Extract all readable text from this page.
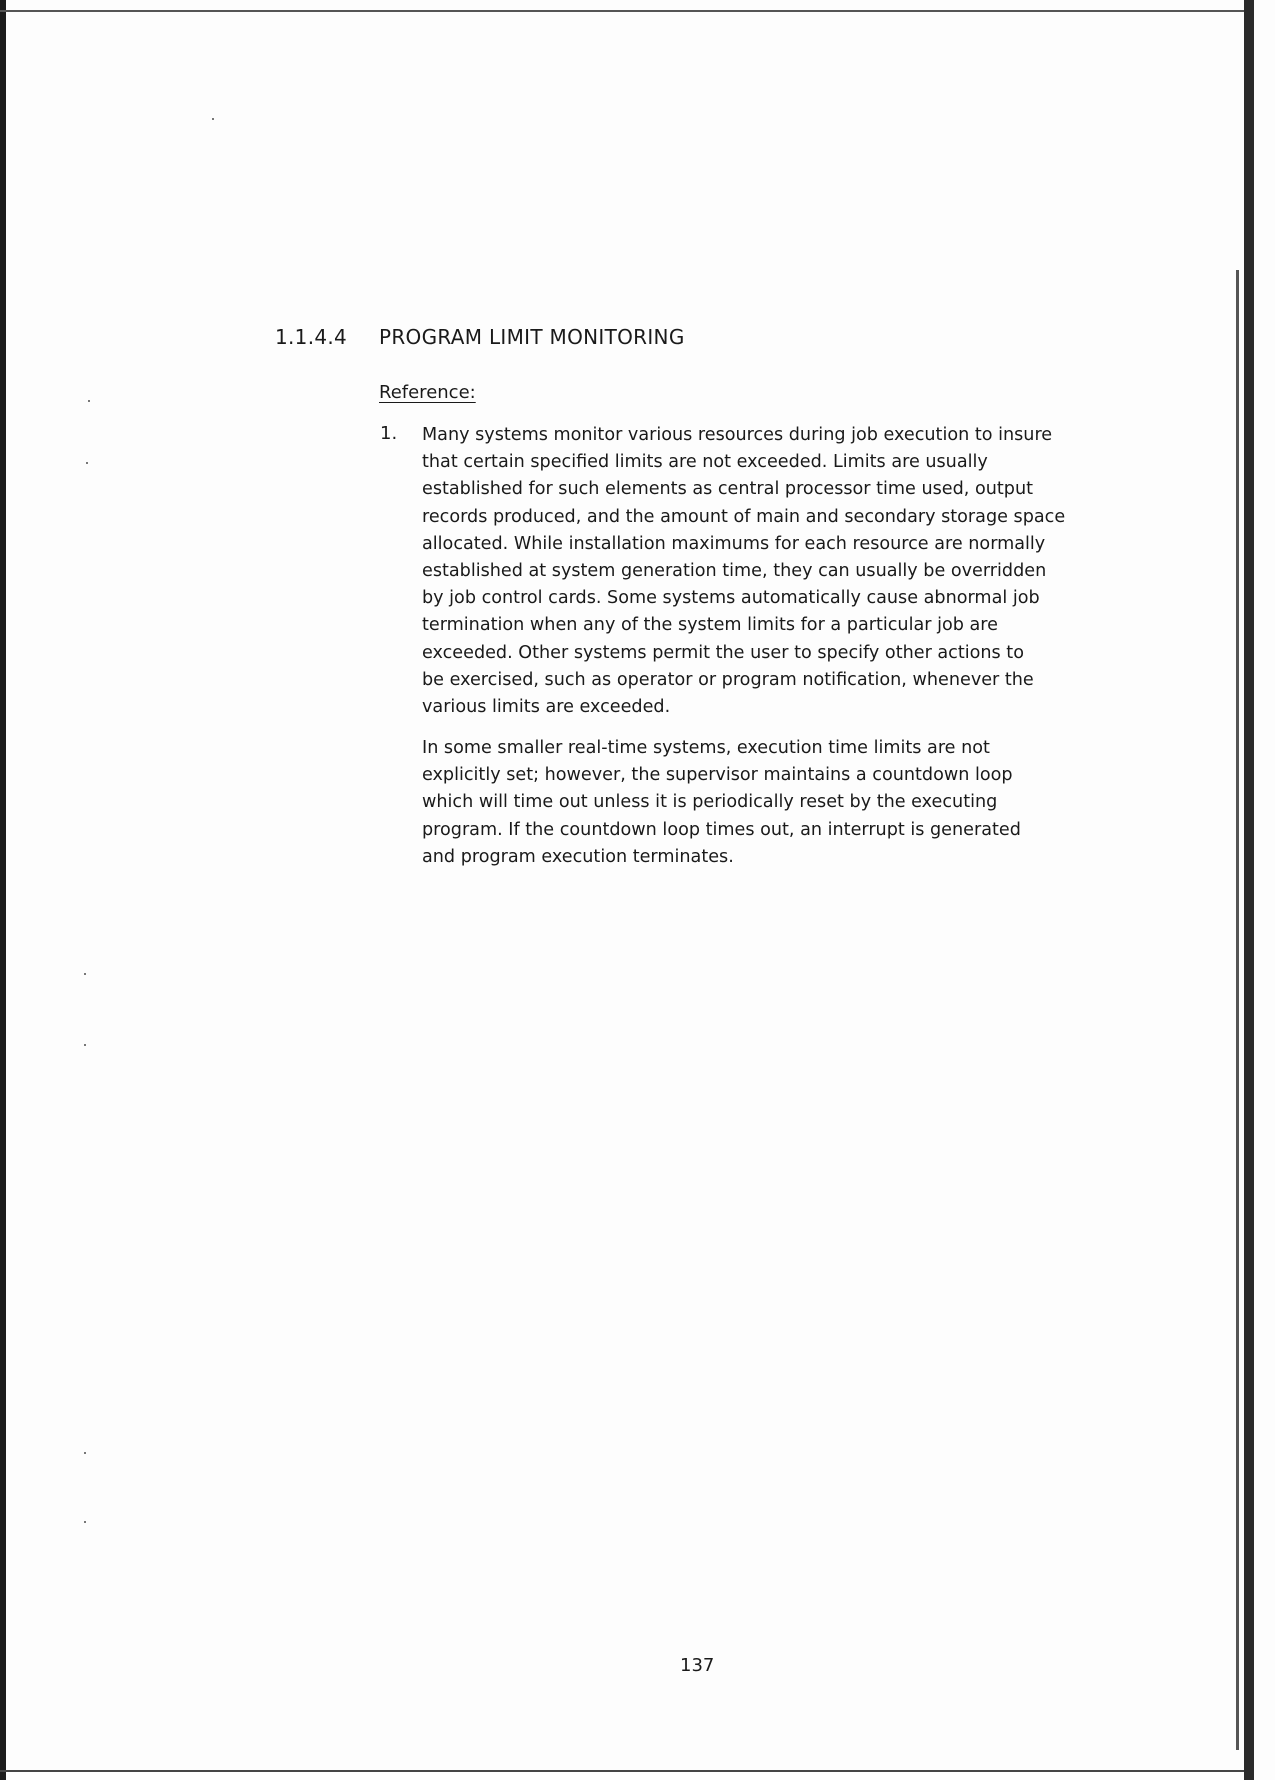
1.1.4.4 PROGRAM LIMIT MONITORING
Reference:
1. Many systems monitor various resources during job execution to insure
that certain specified limits are not exceeded. Limits are usually
established for such elements as central processor time used, output
records produced, and the amount of main and secondary storage space
allocated. While installation maximums for each resource are normally
established at system generation time, they can usually be overridden
by job control cards. Some systems automatically cause abnormal job
termination when any of the system limits for a particular job are
exceeded. Other systems permit the user to specify other actions to
be exercised, such as operator or program notification, whenever the
various limits are exceeded.
In some smaller real-time systems, execution time limits are not
explicitly set; however, the supervisor maintains a countdown loop
which will time out unless it is periodically reset by the executing
program. If the countdown loop times out, an interrupt is generated
and program execution terminates.
137
